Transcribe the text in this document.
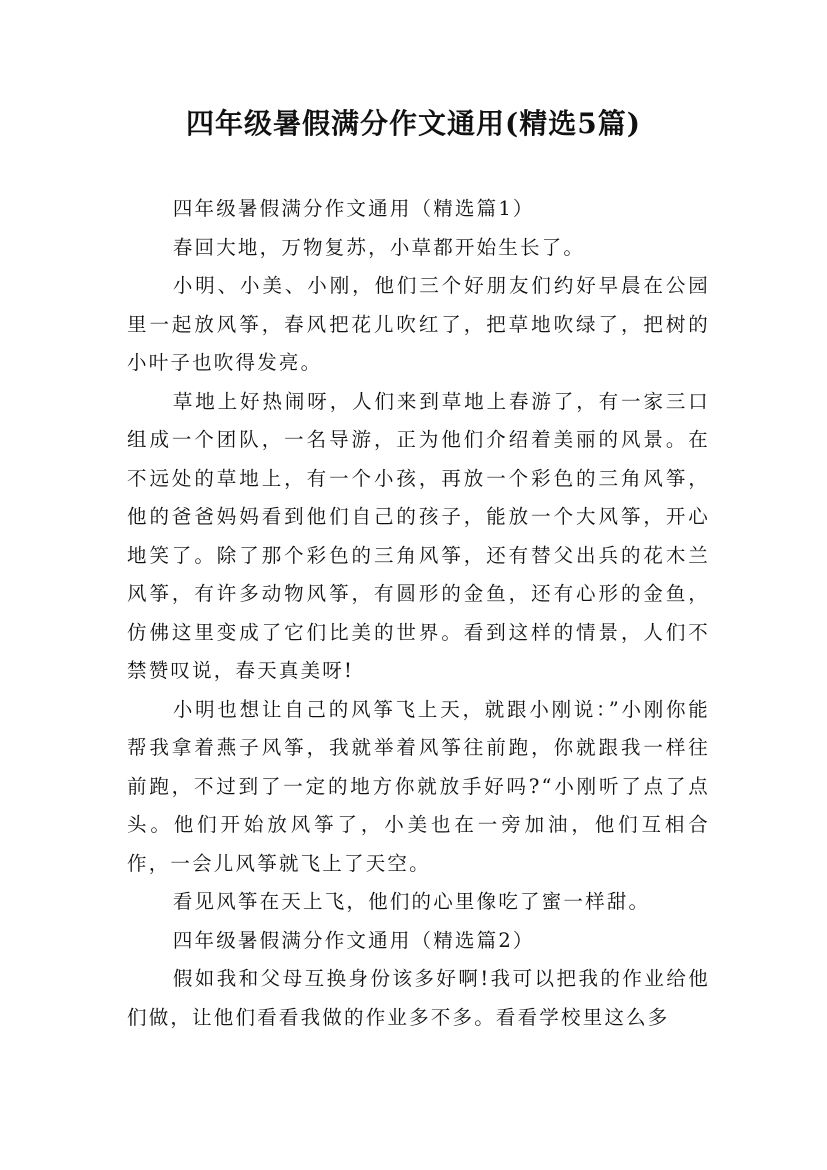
四年级暑假满分作文通用(精选5篇)

四年级暑假满分作文通用（精选篇1）

春回大地，万物复苏，小草都开始生长了。

小明、小美、小刚，他们三个好朋友们约好早晨在公园里一起放风筝，春风把花儿吹红了，把草地吹绿了，把树的小叶子也吹得发亮。

草地上好热闹呀，人们来到草地上春游了，有一家三口组成一个团队，一名导游，正为他们介绍着美丽的风景。在不远处的草地上，有一个小孩，再放一个彩色的三角风筝，他的爸爸妈妈看到他们自己的孩子，能放一个大风筝，开心地笑了。除了那个彩色的三角风筝，还有替父出兵的花木兰风筝，有许多动物风筝，有圆形的金鱼，还有心形的金鱼，仿佛这里变成了它们比美的世界。看到这样的情景，人们不禁赞叹说，春天真美呀!

小明也想让自己的风筝飞上天，就跟小刚说：”小刚你能帮我拿着燕子风筝，我就举着风筝往前跑，你就跟我一样往前跑，不过到了一定的地方你就放手好吗?“小刚听了点了点头。他们开始放风筝了，小美也在一旁加油，他们互相合作，一会儿风筝就飞上了天空。

看见风筝在天上飞，他们的心里像吃了蜜一样甜。

四年级暑假满分作文通用（精选篇2）

假如我和父母互换身份该多好啊!我可以把我的作业给他们做，让他们看看我做的作业多不多。看看学校里这么多
